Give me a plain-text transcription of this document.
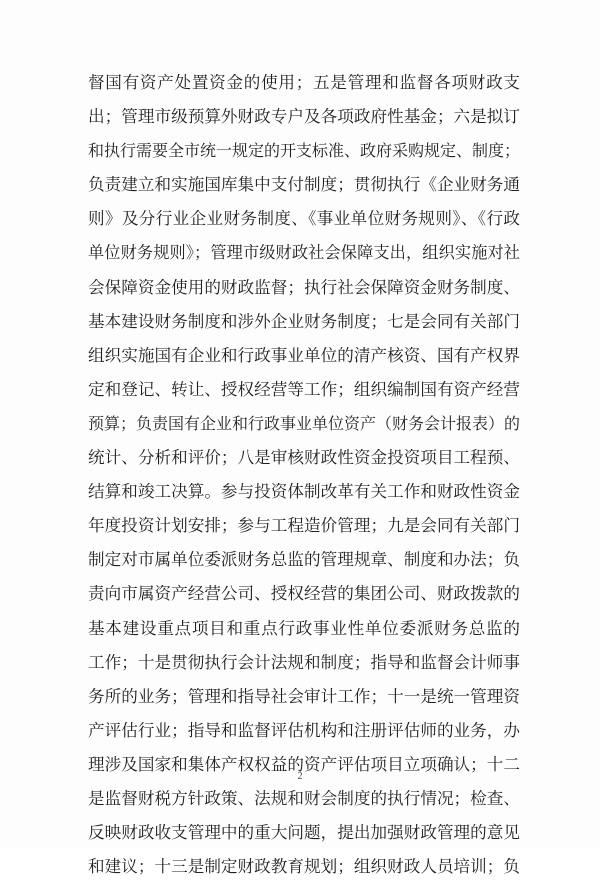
督国有资产处置资金的使用；五是管理和监督各项财政支
出；管理市级预算外财政专户及各项政府性基金；六是拟订
和执行需要全市统一规定的开支标准、政府采购规定、制度；
负责建立和实施国库集中支付制度；贯彻执行《企业财务通
则》及分行业企业财务制度、《事业单位财务规则》、《行政
单位财务规则》；管理市级财政社会保障支出，组织实施对社
会保障资金使用的财政监督；执行社会保障资金财务制度、
基本建设财务制度和涉外企业财务制度；七是会同有关部门
组织实施国有企业和行政事业单位的清产核资、国有产权界
定和登记、转让、授权经营等工作；组织编制国有资产经营
预算；负责国有企业和行政事业单位资产（财务会计报表）的
统计、分析和评价；八是审核财政性资金投资项目工程预、
结算和竣工决算。参与投资体制改革有关工作和财政性资金
年度投资计划安排；参与工程造价管理；九是会同有关部门
制定对市属单位委派财务总监的管理规章、制度和办法；负
责向市属资产经营公司、授权经营的集团公司、财政拨款的
基本建设重点项目和重点行政事业性单位委派财务总监的
工作；十是贯彻执行会计法规和制度；指导和监督会计师事
务所的业务；管理和指导社会审计工作；十一是统一管理资
产评估行业；指导和监督评估机构和注册评估师的业务，办
理涉及国家和集体产权权益的资产评估项目立项确认；十二
是监督财税方针政策、法规和财会制度的执行情况；检查、
反映财政收支管理中的重大问题，提出加强财政管理的意见
和建议；十三是制定财政教育规划；组织财政人员培训；负
2
